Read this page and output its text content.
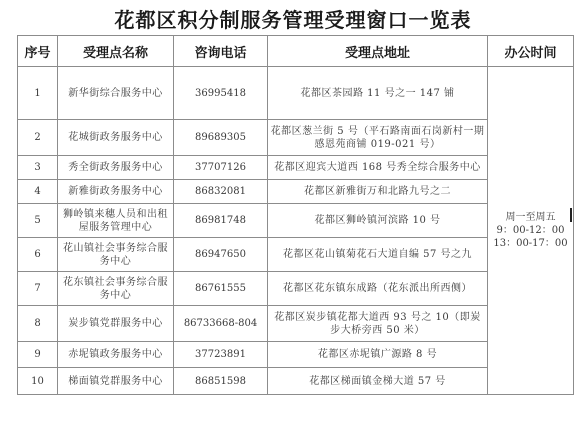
花都区积分制服务管理受理窗口一览表
序号	受理点名称	咨询电话	受理点地址	办公时间
1	新华街综合服务中心	36995418	花都区茶园路 11 号之一 147 铺	周一至周五
9：00-12：00
13：00-17：00

2	花城街政务服务中心	89689305	花都区葱兰街 5 号（平石路南面石岗新村一期感恩苑商铺 019-021 号）	
3	秀全街政务服务中心	37707126	花都区迎宾大道西 168 号秀全综合服务中心	
4	新雅街政务服务中心	86832081	花都区新雅街万和北路九号之二	
5	狮岭镇来穗人员和出租屋服务管理中心	86981748	花都区狮岭镇河滨路 10 号	
6	花山镇社会事务综合服务中心	86947650	花都区花山镇菊花石大道自编 57 号之九	
7	花东镇社会事务综合服务中心	86761555	花都区花东镇东成路（花东派出所西侧）	
8	炭步镇党群服务中心	86733668-804	花都区炭步镇花都大道西 93 号之 10（即炭步大桥旁西 50 米）	
9	赤坭镇政务服务中心	37723891	花都区赤坭镇广源路 8 号	
10	梯面镇党群服务中心	86851598	花都区梯面镇金梯大道 57 号	
